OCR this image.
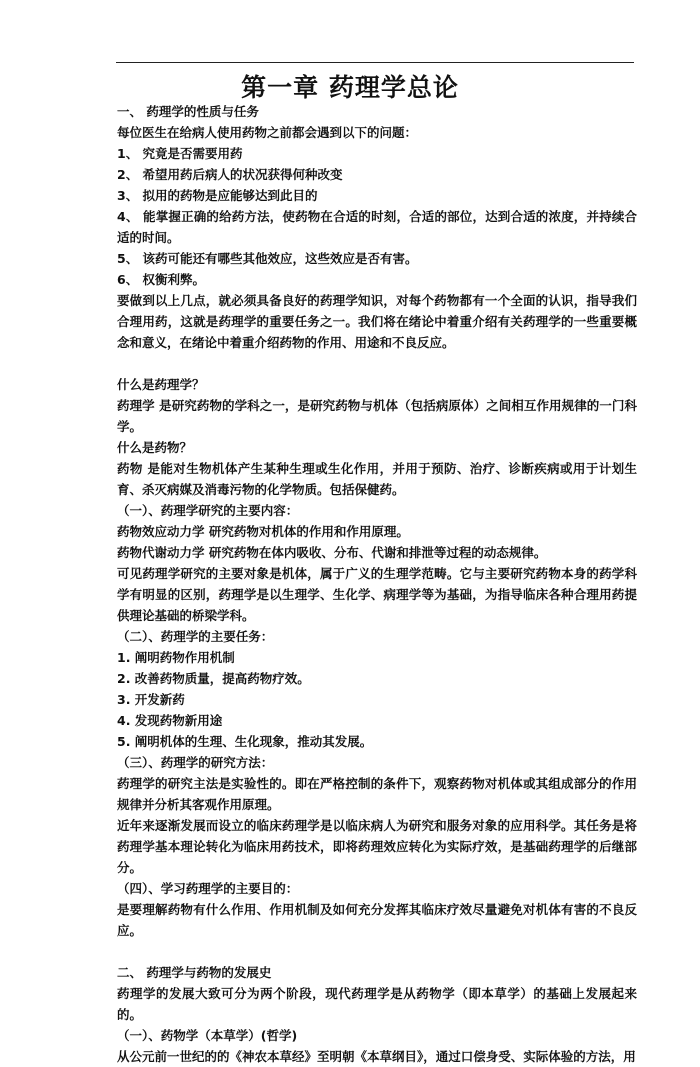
第一章 药理学总论

一、 药理学的性质与任务

每位医生在给病人使用药物之前都会遇到以下的问题：

1、 究竟是否需要用药

2、 希望用药后病人的状况获得何种改变

3、 拟用的药物是应能够达到此目的

4、 能掌握正确的给药方法，使药物在合适的时刻，合适的部位，达到合适的浓度，并持续合适的时间。

5、 该药可能还有哪些其他效应，这些效应是否有害。

6、 权衡利弊。

要做到以上几点，就必须具备良好的药理学知识，对每个药物都有一个全面的认识，指导我们合理用药，这就是药理学的重要任务之一。我们将在绪论中着重介绍有关药理学的一些重要概念和意义，在绪论中着重介绍药物的作用、用途和不良反应。

什么是药理学？

药理学 是研究药物的学科之一，是研究药物与机体（包括病原体）之间相互作用规律的一门科学。

什么是药物？

药物 是能对生物机体产生某种生理或生化作用，并用于预防、治疗、诊断疾病或用于计划生育、杀灭病媒及消毒污物的化学物质。包括保健药。

（一）、药理学研究的主要内容：

药物效应动力学 研究药物对机体的作用和作用原理。

药物代谢动力学 研究药物在体内吸收、分布、代谢和排泄等过程的动态规律。

可见药理学研究的主要对象是机体，属于广义的生理学范畴。它与主要研究药物本身的药学科学有明显的区别，药理学是以生理学、生化学、病理学等为基础，为指导临床各种合理用药提供理论基础的桥梁学科。

（二）、药理学的主要任务：

1. 阐明药物作用机制

2. 改善药物质量，提高药物疗效。

3. 开发新药

4. 发现药物新用途

5. 阐明机体的生理、生化现象，推动其发展。

（三）、药理学的研究方法：

药理学的研究主法是实验性的。即在严格控制的条件下，观察药物对机体或其组成部分的作用规律并分析其客观作用原理。

近年来逐渐发展而设立的临床药理学是以临床病人为研究和服务对象的应用科学。其任务是将药理学基本理论转化为临床用药技术，即将药理效应转化为实际疗效，是基础药理学的后继部分。

（四）、学习药理学的主要目的：

是要理解药物有什么作用、作用机制及如何充分发挥其临床疗效尽量避免对机体有害的不良反应。

二、 药理学与药物的发展史

药理学的发展大致可分为两个阶段，现代药理学是从药物学（即本草学）的基础上发展起来的。

（一）、药物学（本草学）(哲学)

从公元前一世纪的的《神农本草经》至明朝《本草纲目》，通过口偿身受、实际体验的方法，用
